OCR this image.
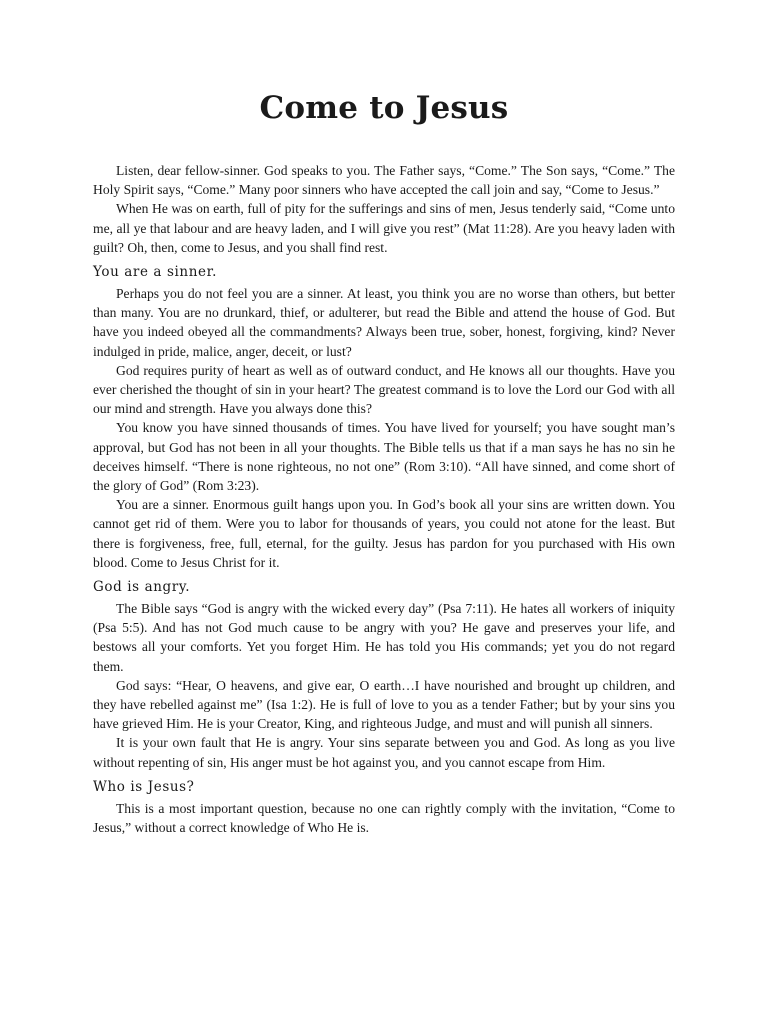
Come to Jesus

Listen, dear fellow-sinner. God speaks to you. The Father says, “Come.” The Son says, “Come.” The Holy Spirit says, “Come.” Many poor sinners who have accepted the call join and say, “Come to Jesus.”

When He was on earth, full of pity for the sufferings and sins of men, Jesus tenderly said, “Come unto me, all ye that labour and are heavy laden, and I will give you rest” (Mat 11:28). Are you heavy laden with guilt? Oh, then, come to Jesus, and you shall find rest.

You are a sinner.

Perhaps you do not feel you are a sinner. At least, you think you are no worse than others, but better than many. You are no drunkard, thief, or adulterer, but read the Bible and attend the house of God. But have you indeed obeyed all the commandments? Always been true, sober, honest, forgiving, kind? Never indulged in pride, malice, anger, deceit, or lust?

God requires purity of heart as well as of outward conduct, and He knows all our thoughts. Have you ever cherished the thought of sin in your heart? The greatest command is to love the Lord our God with all our mind and strength. Have you always done this?

You know you have sinned thousands of times. You have lived for yourself; you have sought man’s approval, but God has not been in all your thoughts. The Bible tells us that if a man says he has no sin he deceives himself. “There is none righteous, no not one” (Rom 3:10). “All have sinned, and come short of the glory of God” (Rom 3:23).

You are a sinner. Enormous guilt hangs upon you. In God’s book all your sins are written down. You cannot get rid of them. Were you to labor for thousands of years, you could not atone for the least. But there is forgiveness, free, full, eternal, for the guilty. Jesus has pardon for you purchased with His own blood. Come to Jesus Christ for it.

God is angry.

The Bible says “God is angry with the wicked every day” (Psa 7:11). He hates all workers of iniquity (Psa 5:5). And has not God much cause to be angry with you? He gave and preserves your life, and bestows all your comforts. Yet you forget Him. He has told you His commands; yet you do not regard them.

God says: “Hear, O heavens, and give ear, O earth…I have nourished and brought up children, and they have rebelled against me” (Isa 1:2). He is full of love to you as a tender Father; but by your sins you have grieved Him. He is your Creator, King, and righteous Judge, and must and will punish all sinners.

It is your own fault that He is angry. Your sins separate between you and God. As long as you live without repenting of sin, His anger must be hot against you, and you cannot escape from Him.

Who is Jesus?

This is a most important question, because no one can rightly comply with the invitation, “Come to Jesus,” without a correct knowledge of Who He is.
